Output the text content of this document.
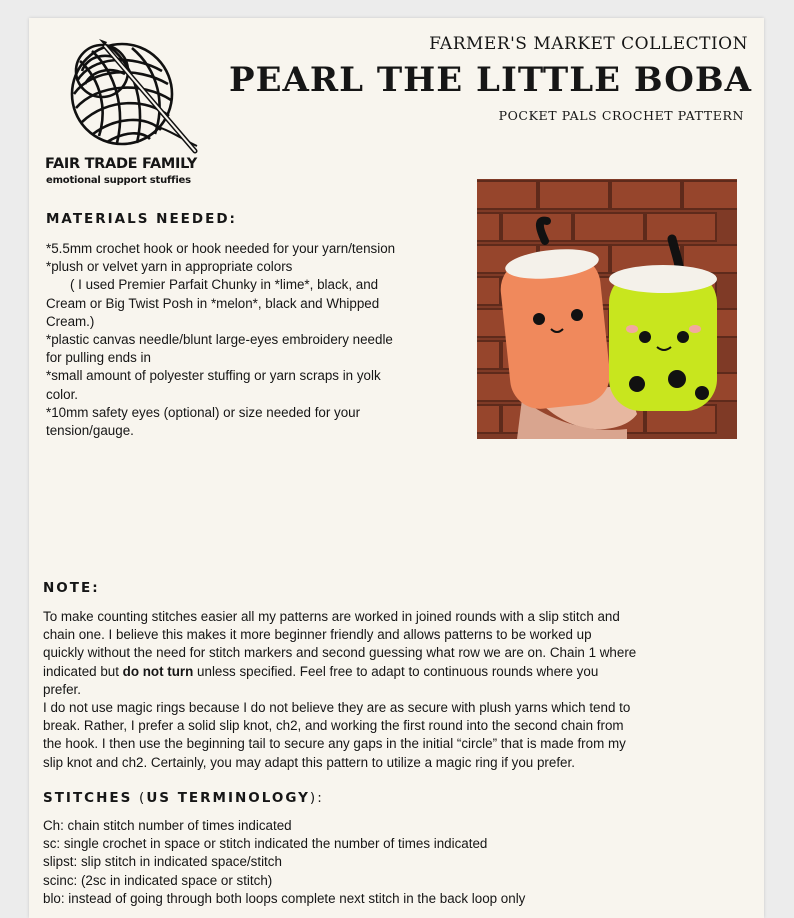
FAIR TRADE FAMILY
emotional support stuffies
FARMER'S MARKET COLLECTION
PEARL THE LITTLE BOBA
POCKET PALS CROCHET PATTERN
MATERIALS NEEDED:

*5.5mm crochet hook or hook needed for your yarn/tension

*plush or velvet yarn in appropriate colors

( I used Premier Parfait Chunky in *lime*, black, and

Cream or Big Twist Posh in *melon*, black and Whipped

Cream.)

*plastic canvas needle/blunt large-eyes embroidery needle

for pulling ends in

*small amount of polyester stuffing or yarn scraps in yolk

color.

*10mm safety eyes (optional) or size needed for your

tension/gauge.

NOTE:

To make counting stitches easier all my patterns are worked in joined rounds with a slip stitch and

chain one. I believe this makes it more beginner friendly and allows patterns to be worked up

quickly without the need for stitch markers and second guessing what row we are on. Chain 1 where

indicated but do not turn unless specified. Feel free to adapt to continuous rounds where you

prefer.

I do not use magic rings because I do not believe they are as secure with plush yarns which tend to

break. Rather, I prefer a solid slip knot, ch2, and working the first round into the second chain from

the hook. I then use the beginning tail to secure any gaps in the initial “circle” that is made from my

slip knot and ch2. Certainly, you may adapt this pattern to utilize a magic ring if you prefer.

STITCHES (US TERMINOLOGY):

Ch: chain stitch number of times indicated

sc: single crochet in space or stitch indicated the number of times indicated

slipst: slip stitch in indicated space/stitch

scinc: (2sc in indicated space or stitch)

blo: instead of going through both loops complete next stitch in the back loop only
